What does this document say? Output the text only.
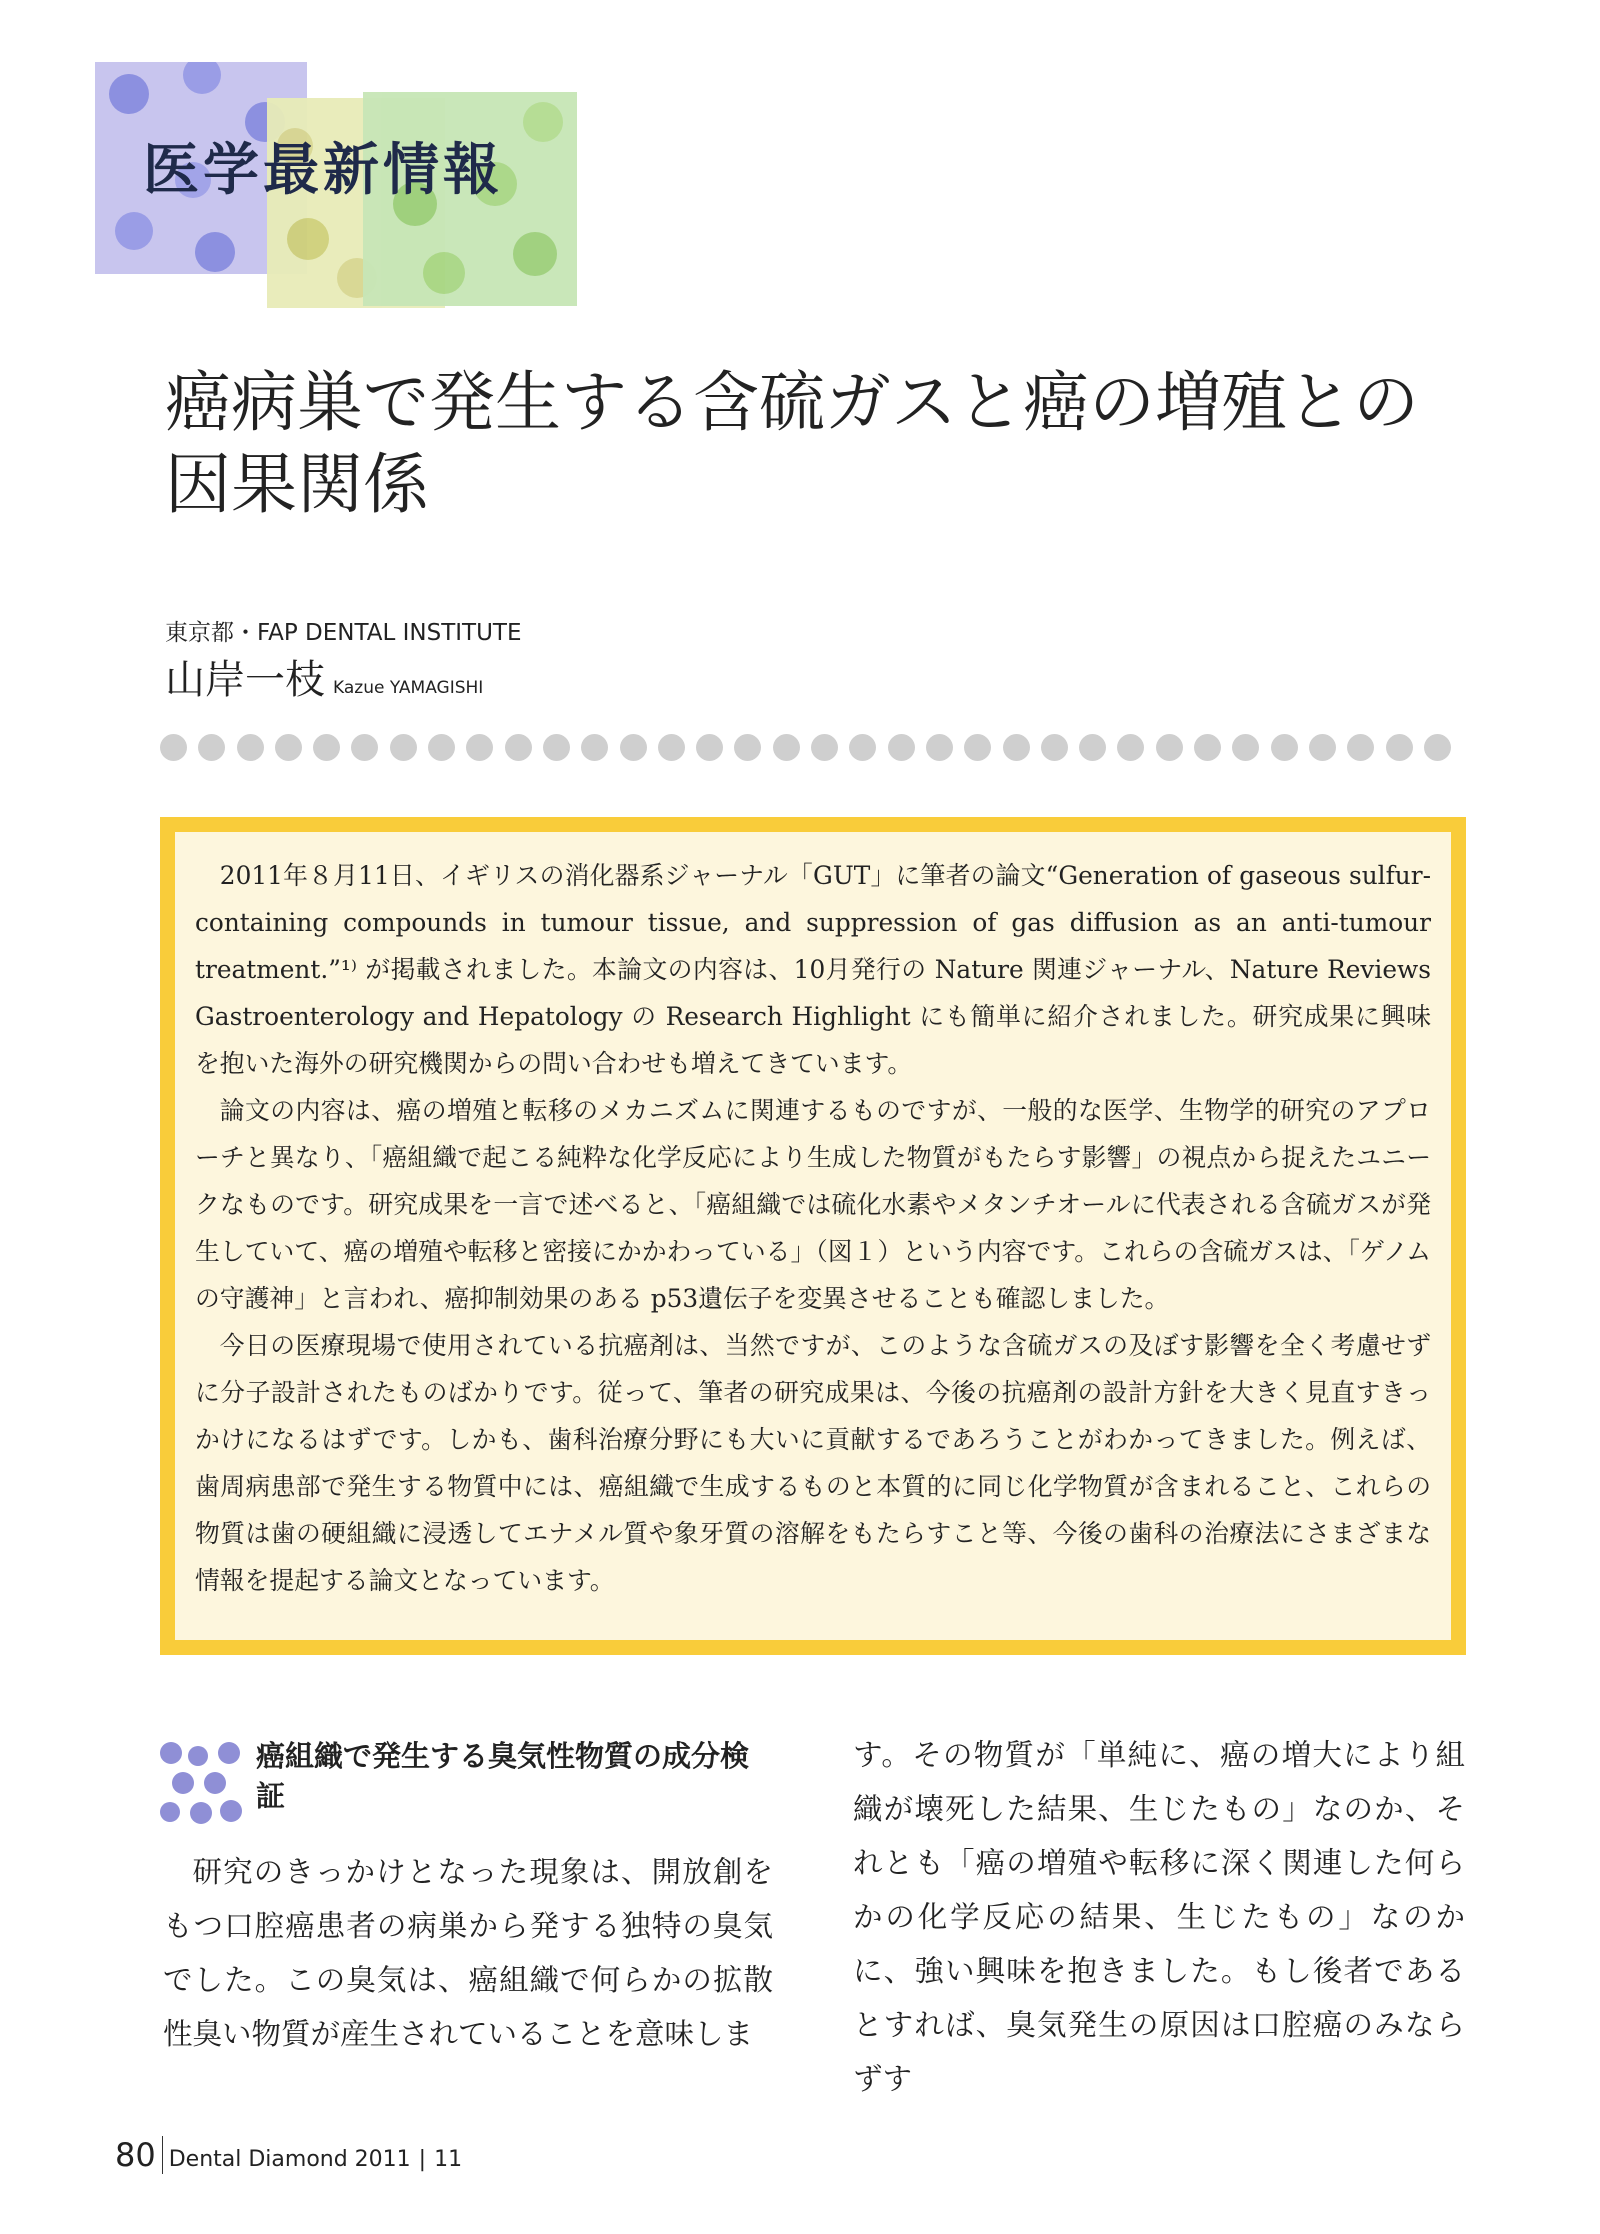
医学最新情報
癌病巣で発生する含硫ガスと癌の増殖との因果関係

東京都・FAP DENTAL INSTITUTE

山岸一枝 Kazue YAMAGISHI

2011年８月11日、イギリスの消化器系ジャーナル「GUT」に筆者の論文“Generation of gaseous sulfur-containing compounds in tumour tissue, and suppression of gas diffusion as an anti-tumour treatment.”¹⁾ が掲載されました。本論文の内容は、10月発行の Nature 関連ジャーナル、Nature Reviews Gastroenterology and Hepatology の Research Highlight にも簡単に紹介されました。研究成果に興味を抱いた海外の研究機関からの問い合わせも増えてきています。

論文の内容は、癌の増殖と転移のメカニズムに関連するものですが、一般的な医学、生物学的研究のアプローチと異なり、「癌組織で起こる純粋な化学反応により生成した物質がもたらす影響」の視点から捉えたユニークなものです。研究成果を一言で述べると、「癌組織では硫化水素やメタンチオールに代表される含硫ガスが発生していて、癌の増殖や転移と密接にかかわっている」（図１）という内容です。これらの含硫ガスは、「ゲノムの守護神」と言われ、癌抑制効果のある p53遺伝子を変異させることも確認しました。

今日の医療現場で使用されている抗癌剤は、当然ですが、このような含硫ガスの及ぼす影響を全く考慮せずに分子設計されたものばかりです。従って、筆者の研究成果は、今後の抗癌剤の設計方針を大きく見直すきっかけになるはずです。しかも、歯科治療分野にも大いに貢献するであろうことがわかってきました。例えば、歯周病患部で発生する物質中には、癌組織で生成するものと本質的に同じ化学物質が含まれること、これらの物質は歯の硬組織に浸透してエナメル質や象牙質の溶解をもたらすこと等、今後の歯科の治療法にさまざまな情報を提起する論文となっています。

癌組織で発生する臭気性物質の成分検証

研究のきっかけとなった現象は、開放創をもつ口腔癌患者の病巣から発する独特の臭気でした。この臭気は、癌組織で何らかの拡散性臭い物質が産生されていることを意味しま

す。その物質が「単純に、癌の増大により組織が壊死した結果、生じたもの」なのか、それとも「癌の増殖や転移に深く関連した何らかの化学反応の結果、生じたもの」なのかに、強い興味を抱きました。もし後者であるとすれば、臭気発生の原因は口腔癌のみならずす

80 Dental Diamond 2011 | 11
